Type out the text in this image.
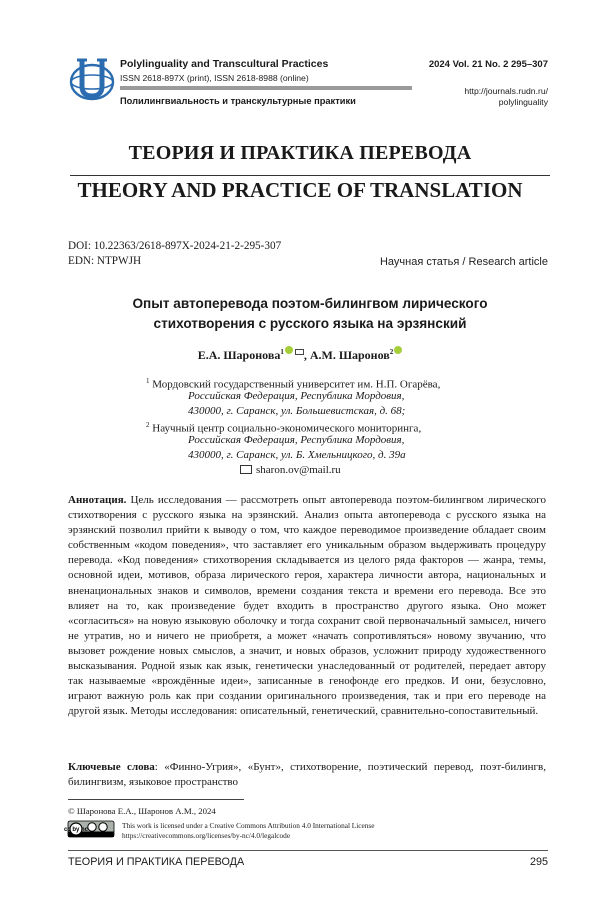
Polylinguality and Transcultural Practices
ISSN 2618-897X (print), ISSN 2618-8988 (online)
Полилингвиальность и транскультурные практики
2024 Vol. 21 No. 2 295–307
http://journals.rudn.ru/
polylinguality
ТЕОРИЯ И ПРАКТИКА ПЕРЕВОДА
THEORY AND PRACTICE OF TRANSLATION
DOI: 10.22363/2618-897X-2024-21-2-295-307
EDN: NTPWJH	Научная статья / Research article
Опыт автоперевода поэтом-билингвом лирического
стихотворения с русского языка на эрзянский
Е.А. Шаронова$^1$ , А.М. Шаронов$^2$
$^1$ Мордовский государственный университет им. Н.П. Огарёва,
Российская Федерация, Республика Мордовия,
430000, г. Саранск, ул. Большевистская, д. 68;
$^2$ Научный центр социально-экономического мониторинга,
Российская Федерация, Республика Мордовия,
430000, г. Саранск, ул. Б. Хмельницкого, д. 39а
sharon.ov@mail.ru
Аннотация. Цель исследования — рассмотреть опыт автоперевода поэтом-билингвом лирического стихотворения с русского языка на эрзянский. Анализ опыта автоперевода с русского языка на эрзянский позволил прийти к выводу о том, что каждое переводимое произведение обладает своим собственным «кодом поведения», что заставляет его уникальным образом выдерживать процедуру перевода. «Код поведения» стихотворения складывается из целого ряда факторов — жанра, темы, основной идеи, мотивов, образа лирического героя, характера личности автора, национальных и вненациональных знаков и символов, времени создания текста и времени его перевода. Все это влияет на то, как произведение будет входить в пространство другого языка. Оно может «согласиться» на новую языковую оболочку и тогда сохранит свой первоначальный замысел, ничего не утратив, но и ничего не приобретя, а может «начать сопротивляться» новому звучанию, что вызовет рождение новых смыслов, а значит, и новых образов, усложнит природу художественного высказывания. Родной язык как язык, генетически унаследованный от родителей, передает автору так называемые «врождённые идеи», записанные в генофонде его предков. И они, безусловно, играют важную роль как при создании оригинального произведения, так и при его переводе на другой язык. Методы исследования: описательный, генетический, сравнительно-сопоставительный.
Ключевые слова: «Финно-Угрия», «Бунт», стихотворение, поэтический перевод, поэт-билингв, билингвизм, языковое пространство
© Шаронова Е.А., Шаронов А.М., 2024
cc by nc
This work is licensed under a Creative Commons Attribution 4.0 International License
https://creativecommons.org/licenses/by-nc/4.0/legalcode
ТЕОРИЯ И ПРАКТИКА ПЕРЕВОДА	295
